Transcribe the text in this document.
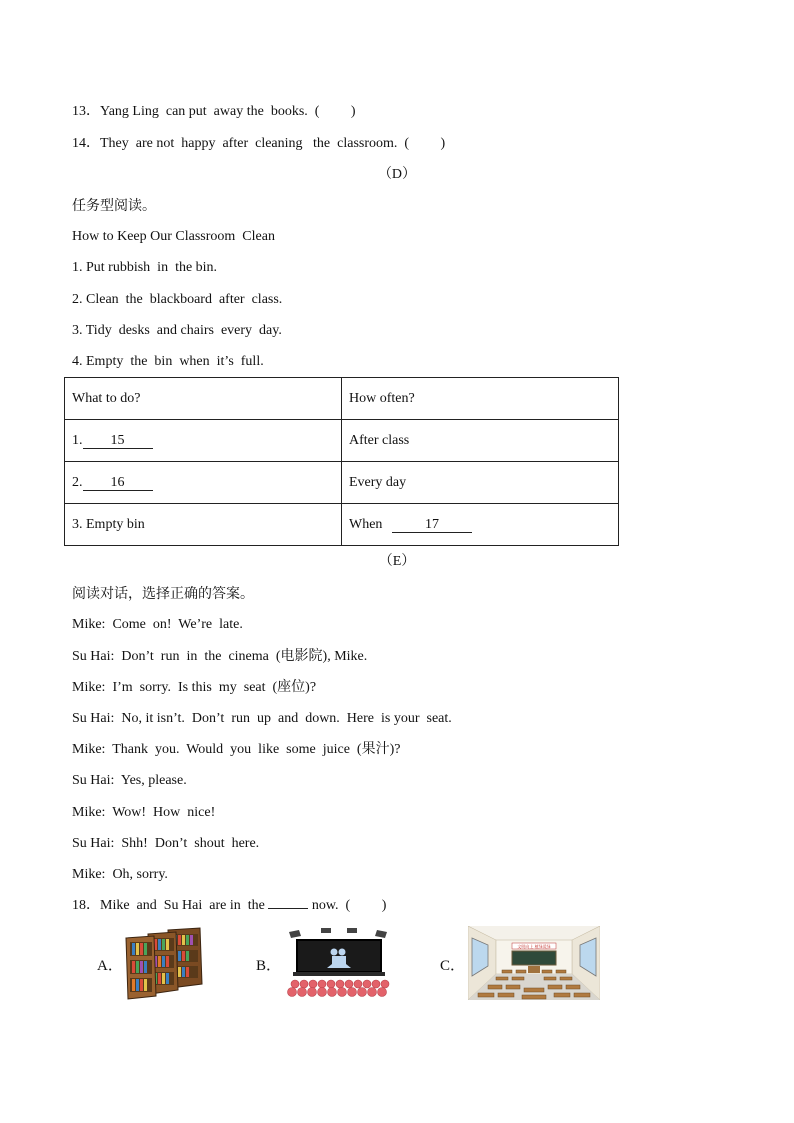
13．Yang Ling  can put  away the  books.  (         )
14．They  are not  happy  after  cleaning   the  classroom.  (         )
（D）
任务型阅读。
How to Keep Our Classroom  Clean
1. Put rubbish  in  the bin.
2. Clean  the  blackboard  after  class.
3. Tidy  desks  and chairs  every  day.
4. Empty  the  bin  when  it’s  full.
What to do?	How often?
1. 15	After class
2. 16	Every day
3. Empty bin	When 17
（E）
阅读对话，选择正确的答案。
Mike:  Come  on!  We’re  late.
Su Hai:  Don’t  run  in  the  cinema  (电影院), Mike.
Mike:  I’m  sorry.  Is this  my  seat  (座位)?
Su Hai:  No, it isn’t.  Don’t  run  up  and  down.  Here  is your  seat.
Mike:  Thank  you.  Would  you  like  some  juice  (果汁)?
Su Hai:  Yes, please.
Mike:  Wow!  How  nice!
Su Hai:  Shh!  Don’t  shout  here.
Mike:  Oh, sorry.
18．Mike  and  Su Hai  are in  the	now.  (         )
A．	B．	C．
文明向上 植绿爱绿
